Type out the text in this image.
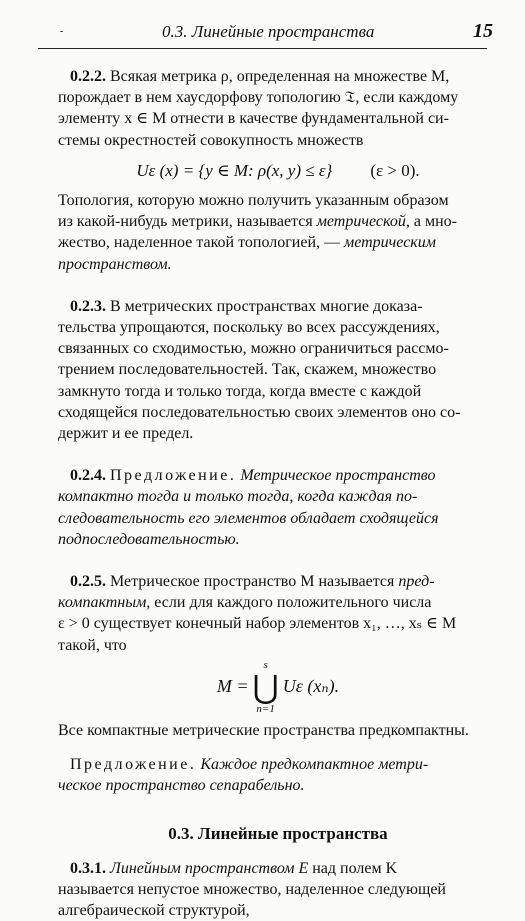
-	0.3. Линейные пространства	15
0.2.2. Всякая метрика ρ, определенная на множестве M,
порождает в нем хаусдорфову топологию 𝔗, если каждому
элементу x ∈ M отнести в качестве фундаментальной си-
стемы окрестностей совокупность множеств
Uε (x) = {y ∈ M: ρ(x, y) ≤ ε} (ε > 0).
Топология, которую можно получить указанным образом
из какой-нибудь метрики, называется метрической, а мно-
жество, наделенное такой топологией, — метрическим
пространством.
0.2.3. В метрических пространствах многие доказа-
тельства упрощаются, поскольку во всех рассуждениях,
связанных со сходимостью, можно ограничиться рассмо-
трением последовательностей. Так, скажем, множество
замкнуто тогда и только тогда, когда вместе с каждой
сходящейся последовательностью своих элементов оно со-
держит и ее предел.
0.2.4. Предложение. Метрическое пространство
компактно тогда и только тогда, когда каждая по-
следовательность его элементов обладает сходящейся
подпоследовательностью.
0.2.5. Метрическое пространство M называется пред-
компактным, если для каждого положительного числа
ε > 0 существует конечный набор элементов x₁, …, xₛ ∈ M
такой, что
M =
s
⋃
n=1
Uε (xₙ).
Все компактные метрические пространства предкомпактны.
Предложение. Каждое предкомпактное метри-
ческое пространство сепарабельно.
0.3. Линейные пространства
0.3.1. Линейным пространством E над полем K
называется непустое множество, наделенное следующей
алгебраической структурой,
